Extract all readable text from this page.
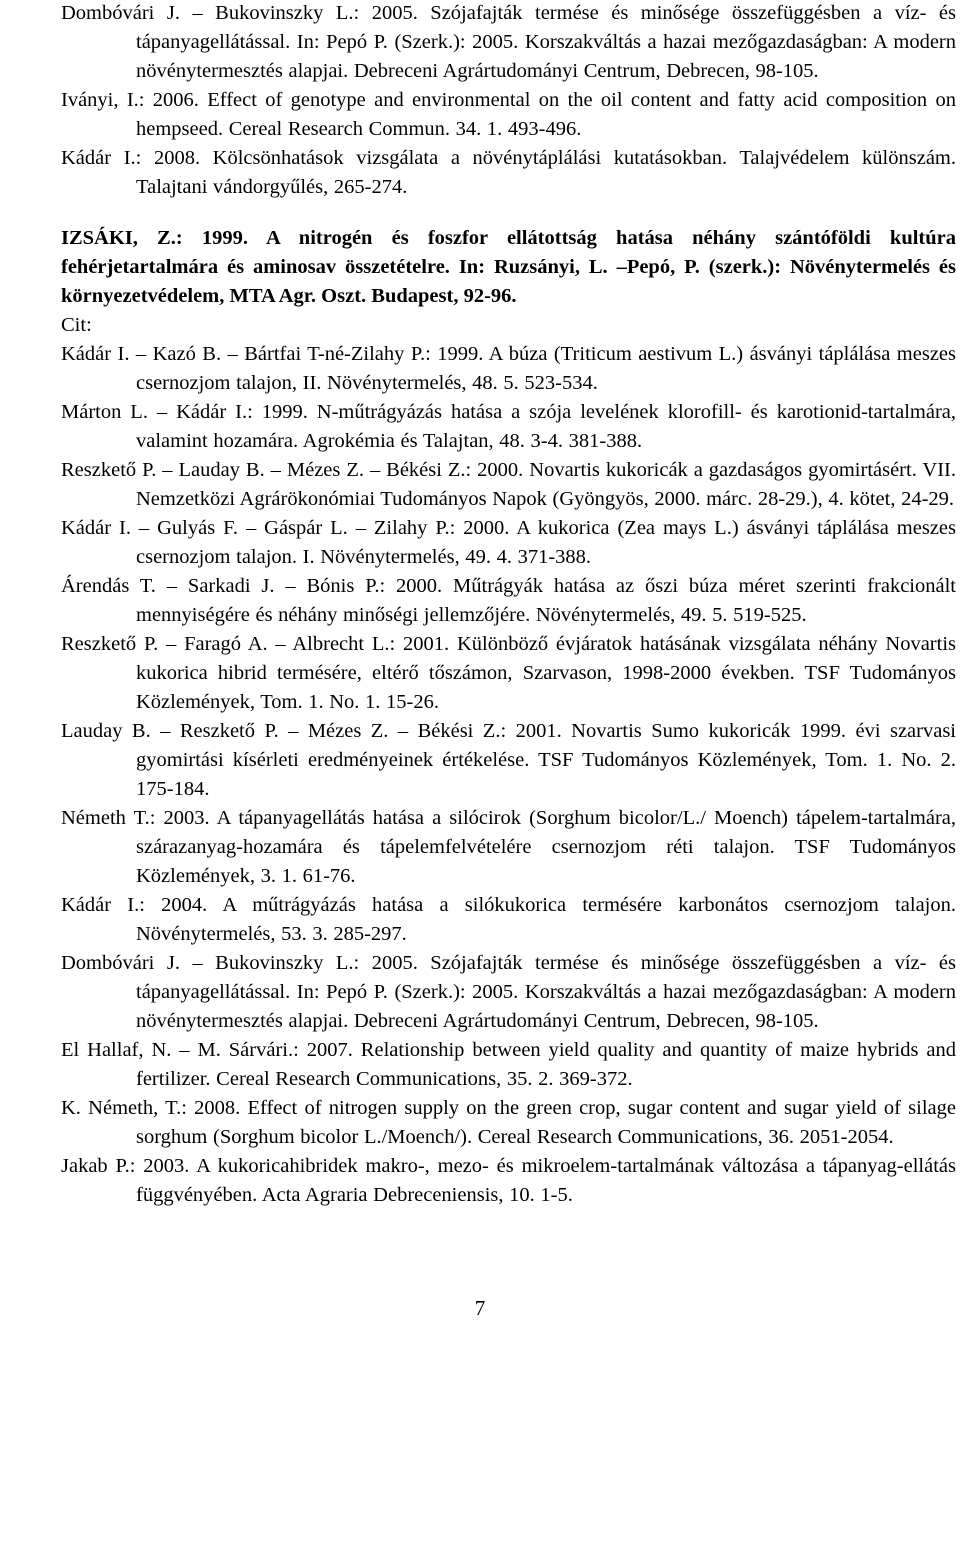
Dombóvári J. – Bukovinszky L.: 2005. Szójafajták termése és minősége összefüggésben a víz- és tápanyagellátással. In: Pepó P. (Szerk.): 2005. Korszakváltás a hazai mezőgazdaságban: A modern növénytermesztés alapjai. Debreceni Agrártudományi Centrum, Debrecen, 98-105.

Iványi, I.: 2006. Effect of genotype and environmental on the oil content and fatty acid composition on hempseed. Cereal Research Commun. 34. 1. 493-496.

Kádár I.: 2008. Kölcsönhatások vizsgálata a növénytáplálási kutatásokban. Talajvédelem különszám. Talajtani vándorgyűlés, 265-274.

IZSÁKI, Z.: 1999. A nitrogén és foszfor ellátottság hatása néhány szántóföldi kultúra fehérjetartalmára és aminosav összetételre. In: Ruzsányi, L. –Pepó, P. (szerk.): Növénytermelés és környezetvédelem, MTA Agr. Oszt. Budapest, 92-96.

Cit:

Kádár I. – Kazó B. – Bártfai T-né-Zilahy P.: 1999. A búza (Triticum aestivum L.) ásványi táplálása meszes csernozjom talajon, II. Növénytermelés, 48. 5. 523-534.

Márton L. – Kádár I.: 1999. N-műtrágyázás hatása a szója levelének klorofill- és karotionid-tartalmára, valamint hozamára. Agrokémia és Talajtan, 48. 3-4. 381-388.

Reszkető P. – Lauday B. – Mézes Z. – Békési Z.: 2000. Novartis kukoricák a gazdaságos gyomirtásért. VII. Nemzetközi Agrárökonómiai Tudományos Napok (Gyöngyös, 2000. márc. 28-29.), 4. kötet, 24-29.

Kádár I. – Gulyás F. – Gáspár L. – Zilahy P.: 2000. A kukorica (Zea mays L.) ásványi táplálása meszes csernozjom talajon. I. Növénytermelés, 49. 4. 371-388.

Árendás T. – Sarkadi J. – Bónis P.: 2000. Műtrágyák hatása az őszi búza méret szerinti frakcionált mennyiségére és néhány minőségi jellemzőjére. Növénytermelés, 49. 5. 519-525.

Reszkető P. – Faragó A. – Albrecht L.: 2001. Különböző évjáratok hatásának vizsgálata néhány Novartis kukorica hibrid termésére, eltérő tőszámon, Szarvason, 1998-2000 években. TSF Tudományos Közlemények, Tom. 1. No. 1. 15-26.

Lauday B. – Reszkető P. – Mézes Z. – Békési Z.: 2001. Novartis Sumo kukoricák 1999. évi szarvasi gyomirtási kísérleti eredményeinek értékelése. TSF Tudományos Közlemények, Tom. 1. No. 2. 175-184.

Németh T.: 2003. A tápanyagellátás hatása a silócirok (Sorghum bicolor/L./ Moench) tápelem-tartalmára, szárazanyag-hozamára és tápelemfelvételére csernozjom réti talajon. TSF Tudományos Közlemények, 3. 1. 61-76.

Kádár I.: 2004. A műtrágyázás hatása a silókukorica termésére karbonátos csernozjom talajon. Növénytermelés, 53. 3. 285-297.

Dombóvári J. – Bukovinszky L.: 2005. Szójafajták termése és minősége összefüggésben a víz- és tápanyagellátással. In: Pepó P. (Szerk.): 2005. Korszakváltás a hazai mezőgazdaságban: A modern növénytermesztés alapjai. Debreceni Agrártudományi Centrum, Debrecen, 98-105.

El Hallaf, N. – M. Sárvári.: 2007. Relationship between yield quality and quantity of maize hybrids and fertilizer. Cereal Research Communications, 35. 2. 369-372.

K. Németh, T.: 2008. Effect of nitrogen supply on the green crop, sugar content and sugar yield of silage sorghum (Sorghum bicolor L./Moench/). Cereal Research Communications, 36. 2051-2054.

Jakab P.: 2003. A kukoricahibridek makro-, mezo- és mikroelem-tartalmának változása a tápanyag-ellátás függvényében. Acta Agraria Debreceniensis, 10. 1-5.

7
